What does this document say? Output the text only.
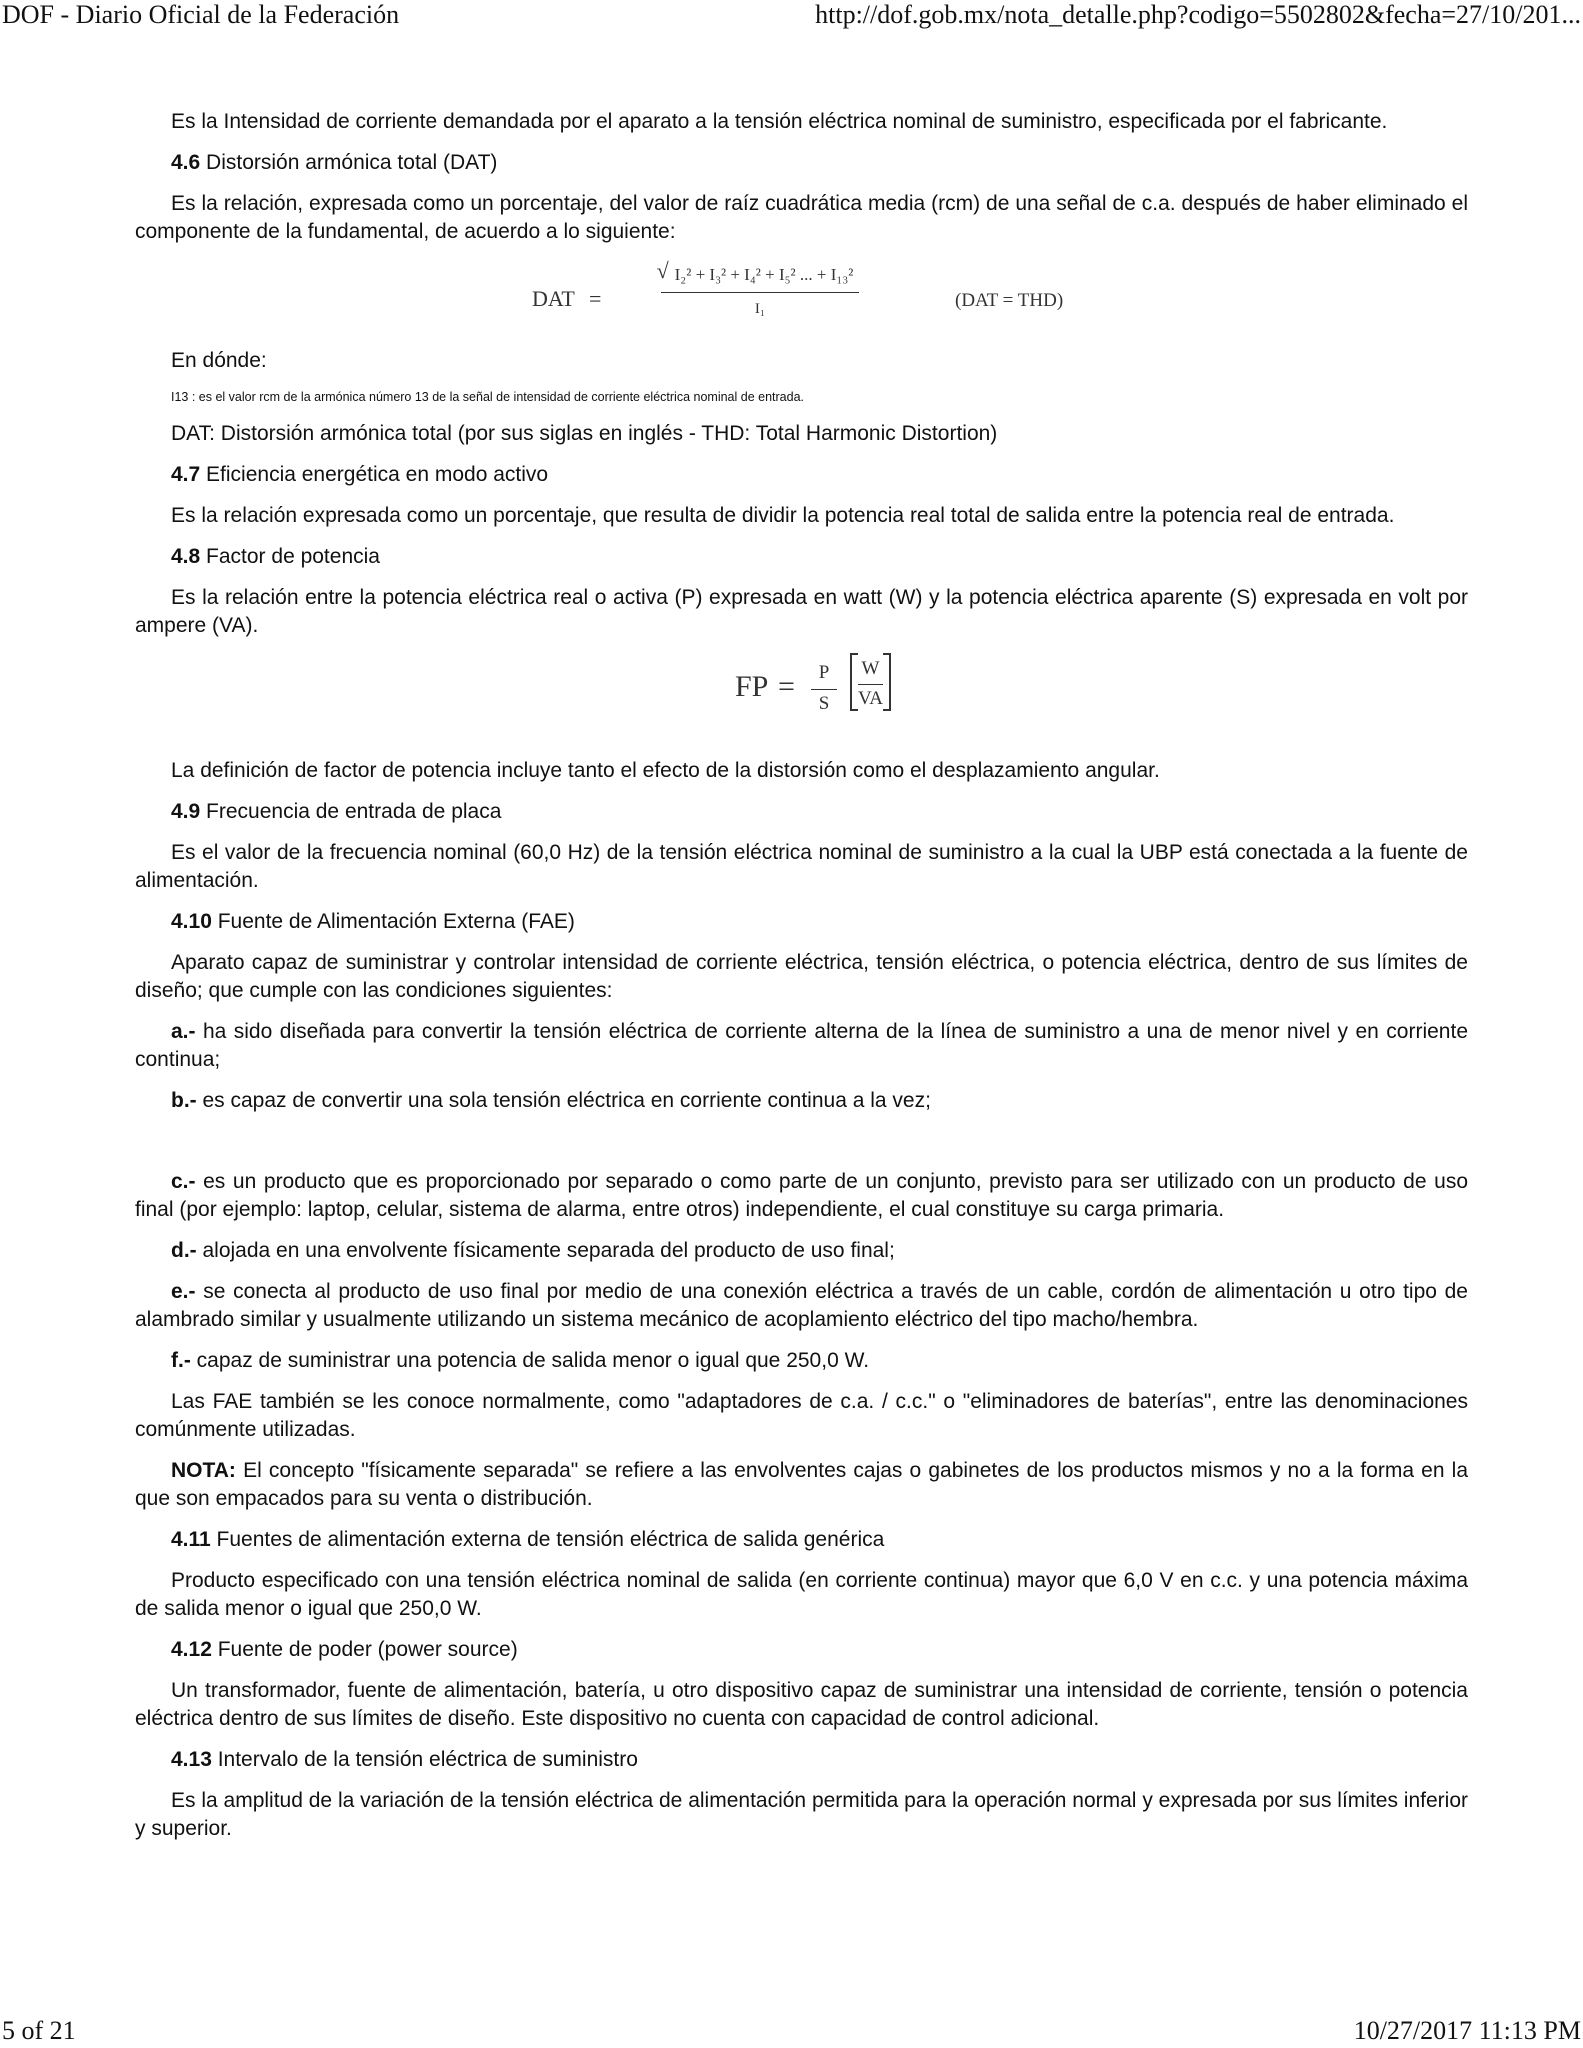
DOF - Diario Oficial de la Federación	http://dof.gob.mx/nota_detalle.php?codigo=5502802&fecha=27/10/201...

Es la Intensidad de corriente demandada por el aparato a la tensión eléctrica nominal de suministro, especificada por el fabricante.

4.6 Distorsión armónica total (DAT)

Es la relación, expresada como un porcentaje, del valor de raíz cuadrática media (rcm) de una señal de c.a. después de haber eliminado el componente de la fundamental, de acuerdo a lo siguiente:

DAT =
√ $\frac{\text{I₂² + I₃² + I₄² + I₅² ... + I₁₃²}}{\text{I₁}}$	(DAT = THD)

En dónde:

I13 : es el valor rcm de la armónica número 13 de la señal de intensidad de corriente eléctrica nominal de entrada.

DAT: Distorsión armónica total (por sus siglas en inglés - THD: Total Harmonic Distortion)

4.7 Eficiencia energética en modo activo

Es la relación expresada como un porcentaje, que resulta de dividir la potencia real total de salida entre la potencia real de entrada.

4.8 Factor de potencia

Es la relación entre la potencia eléctrica real o activa (P) expresada en watt (W) y la potencia eléctrica aparente (S) expresada en volt por ampere (VA).

FP = $\frac{P}{S} \frac{W}{VA}$

La definición de factor de potencia incluye tanto el efecto de la distorsión como el desplazamiento angular.

4.9 Frecuencia de entrada de placa

Es el valor de la frecuencia nominal (60,0 Hz) de la tensión eléctrica nominal de suministro a la cual la UBP está conectada a la fuente de alimentación.

4.10 Fuente de Alimentación Externa (FAE)

Aparato capaz de suministrar y controlar intensidad de corriente eléctrica, tensión eléctrica, o potencia eléctrica, dentro de sus límites de diseño; que cumple con las condiciones siguientes:

a.- ha sido diseñada para convertir la tensión eléctrica de corriente alterna de la línea de suministro a una de menor nivel y en corriente continua;

b.- es capaz de convertir una sola tensión eléctrica en corriente continua a la vez;

c.- es un producto que es proporcionado por separado o como parte de un conjunto, previsto para ser utilizado con un producto de uso final (por ejemplo: laptop, celular, sistema de alarma, entre otros) independiente, el cual constituye su carga primaria.

d.- alojada en una envolvente físicamente separada del producto de uso final;

e.- se conecta al producto de uso final por medio de una conexión eléctrica a través de un cable, cordón de alimentación u otro tipo de alambrado similar y usualmente utilizando un sistema mecánico de acoplamiento eléctrico del tipo macho/hembra.

f.- capaz de suministrar una potencia de salida menor o igual que 250,0 W.

Las FAE también se les conoce normalmente, como "adaptadores de c.a. / c.c." o "eliminadores de baterías", entre las denominaciones comúnmente utilizadas.

NOTA: El concepto "físicamente separada" se refiere a las envolventes cajas o gabinetes de los productos mismos y no a la forma en la que son empacados para su venta o distribución.

4.11 Fuentes de alimentación externa de tensión eléctrica de salida genérica

Producto especificado con una tensión eléctrica nominal de salida (en corriente continua) mayor que 6,0 V en c.c. y una potencia máxima de salida menor o igual que 250,0 W.

4.12 Fuente de poder (power source)

Un transformador, fuente de alimentación, batería, u otro dispositivo capaz de suministrar una intensidad de corriente, tensión o potencia eléctrica dentro de sus límites de diseño. Este dispositivo no cuenta con capacidad de control adicional.

4.13 Intervalo de la tensión eléctrica de suministro

Es la amplitud de la variación de la tensión eléctrica de alimentación permitida para la operación normal y expresada por sus límites inferior y superior.

5 of 21	10/27/2017 11:13 PM
